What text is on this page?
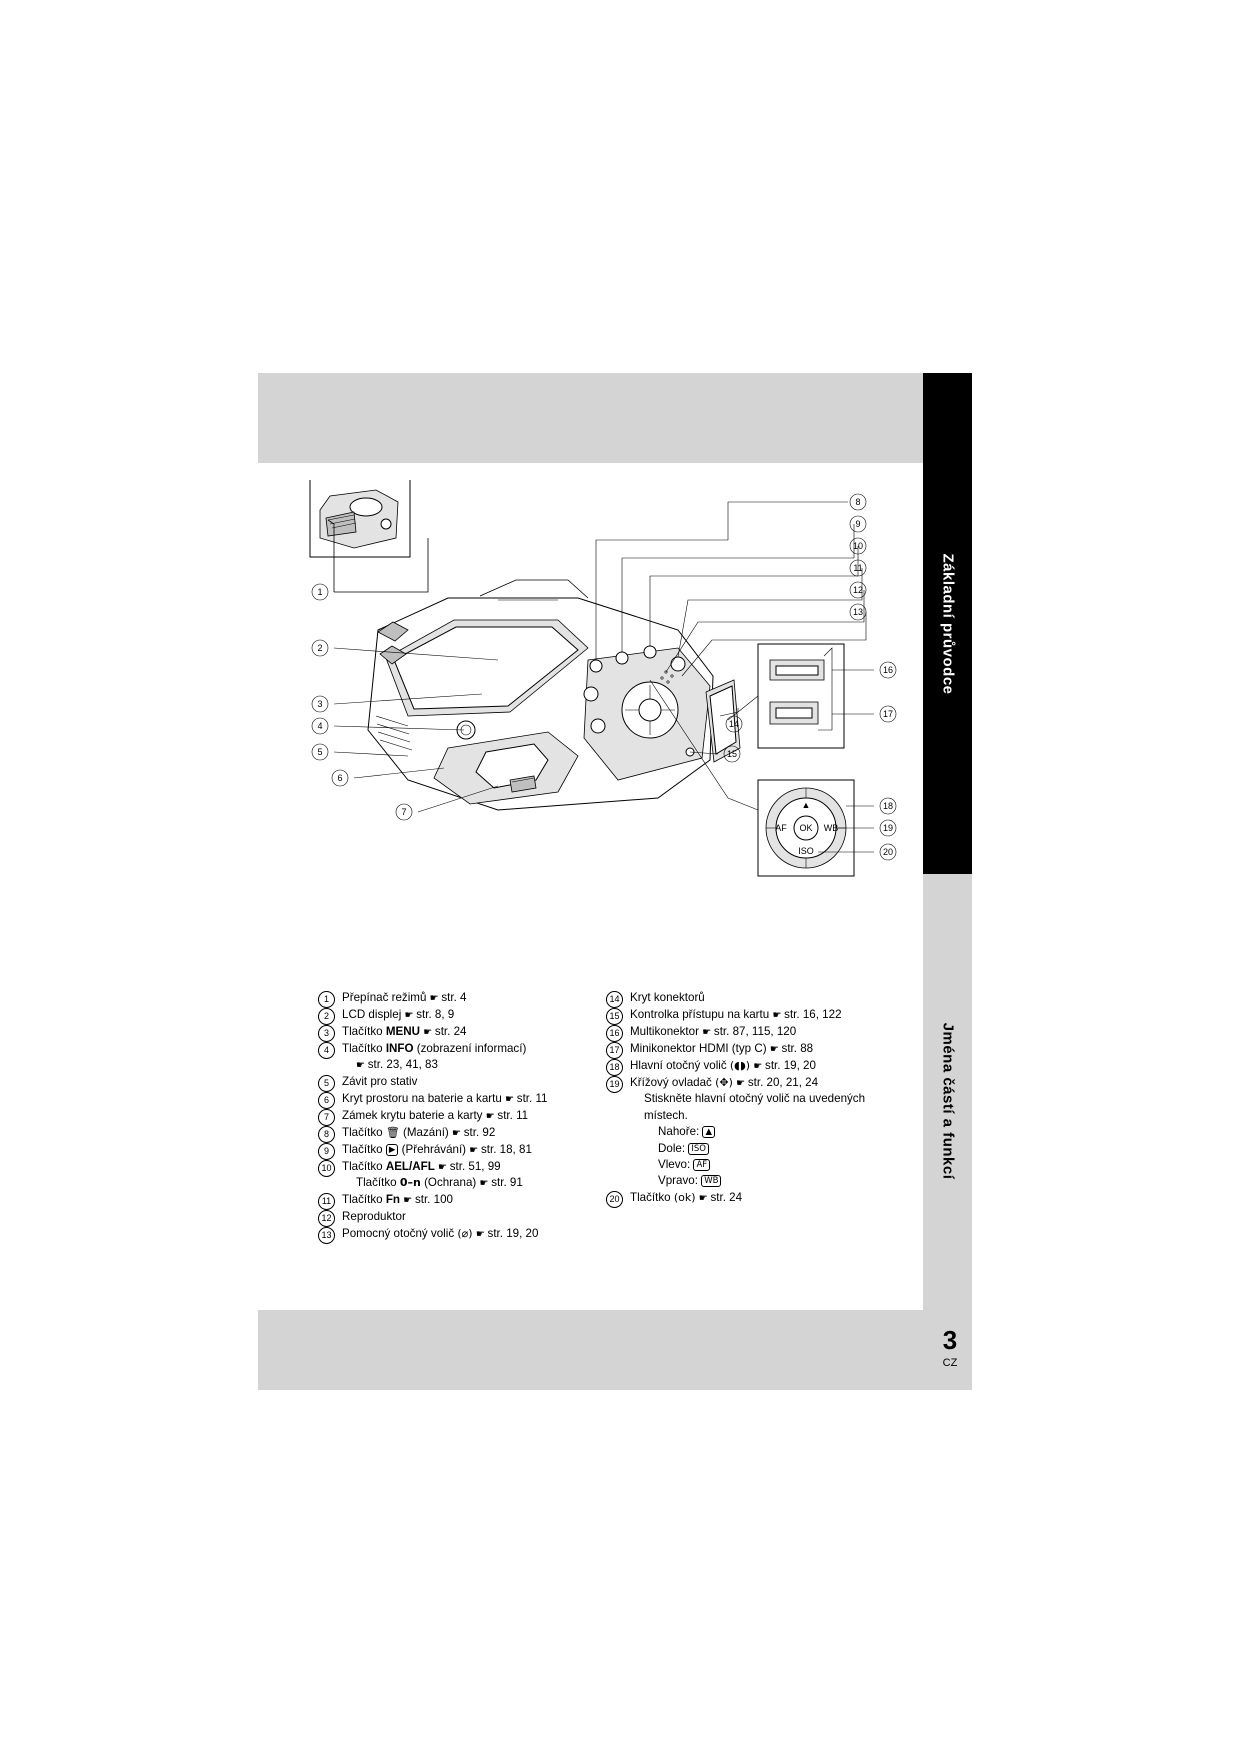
Základní průvodce
Jména částí a funkcí
3
CZ
1
OK
AF	WB
▲
ISO
8
9
10
11
12
13
2
3
4
5
6
7
14
15
16
17
18
19
20
1	Přepínač režimů ☛ str. 4
2	LCD displej ☛ str. 8, 9
3	Tlačítko MENU ☛ str. 24
4	Tlačítko INFO (zobrazení informací)
☛ str. 23, 41, 83
5	Závit pro stativ
6	Kryt prostoru na baterie a kartu ☛ str. 11
7	Zámek krytu baterie a karty ☛ str. 11
8	Tlačítko 🗑 (Mazání) ☛ str. 92
9	Tlačítko ▶ (Přehrávání) ☛ str. 18, 81
10 Tlačítko AEL/AFL ☛ str. 51, 99
Tlačítko 0–n (Ochrana) ☛ str. 91
11 Tlačítko Fn ☛ str. 100
12 Reproduktor
13 Pomocný otočný volič (⌀) ☛ str. 19, 20
14 Kryt konektorů
15 Kontrolka přístupu na kartu ☛ str. 16, 122
16 Multikonektor ☛ str. 87, 115, 120
17 Minikonektor HDMI (typ C) ☛ str. 88
18 Hlavní otočný volič (◖◗) ☛ str. 19, 20
19 Křížový ovladač (✥) ☛ str. 20, 21, 24
Stiskněte hlavní otočný volič na uvedených
místech.
Nahoře: ▲
Dole: ISO
Vlevo: AF
Vpravo: WB
20 Tlačítko (ok) ☛ str. 24
